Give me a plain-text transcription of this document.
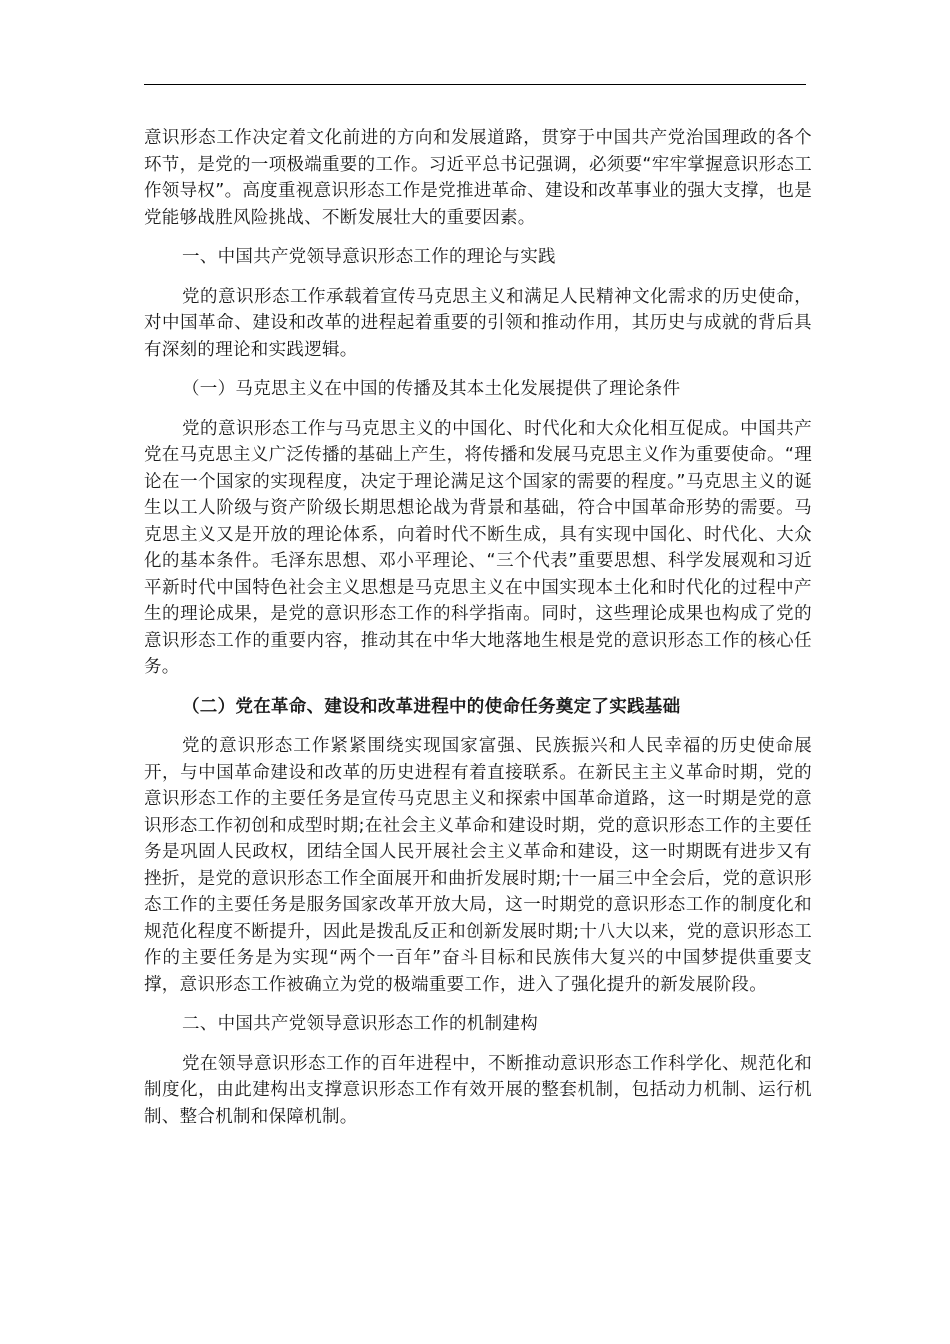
意识形态工作决定着文化前进的方向和发展道路，贯穿于中国共产党治国理政的各个环节，是党的一项极端重要的工作。习近平总书记强调，必须要“牢牢掌握意识形态工作领导权”。高度重视意识形态工作是党推进革命、建设和改革事业的强大支撑，也是党能够战胜风险挑战、不断发展壮大的重要因素。

一、中国共产党领导意识形态工作的理论与实践

党的意识形态工作承载着宣传马克思主义和满足人民精神文化需求的历史使命，对中国革命、建设和改革的进程起着重要的引领和推动作用，其历史与成就的背后具有深刻的理论和实践逻辑。

（一）马克思主义在中国的传播及其本土化发展提供了理论条件

党的意识形态工作与马克思主义的中国化、时代化和大众化相互促成。中国共产党在马克思主义广泛传播的基础上产生，将传播和发展马克思主义作为重要使命。“理论在一个国家的实现程度，决定于理论满足这个国家的需要的程度。”马克思主义的诞生以工人阶级与资产阶级长期思想论战为背景和基础，符合中国革命形势的需要。马克思主义又是开放的理论体系，向着时代不断生成，具有实现中国化、时代化、大众化的基本条件。毛泽东思想、邓小平理论、“三个代表”重要思想、科学发展观和习近平新时代中国特色社会主义思想是马克思主义在中国实现本土化和时代化的过程中产生的理论成果，是党的意识形态工作的科学指南。同时，这些理论成果也构成了党的意识形态工作的重要内容，推动其在中华大地落地生根是党的意识形态工作的核心任务。

（二）党在革命、建设和改革进程中的使命任务奠定了实践基础

党的意识形态工作紧紧围绕实现国家富强、民族振兴和人民幸福的历史使命展开，与中国革命建设和改革的历史进程有着直接联系。在新民主主义革命时期，党的意识形态工作的主要任务是宣传马克思主义和探索中国革命道路，这一时期是党的意识形态工作初创和成型时期;在社会主义革命和建设时期，党的意识形态工作的主要任务是巩固人民政权，团结全国人民开展社会主义革命和建设，这一时期既有进步又有挫折，是党的意识形态工作全面展开和曲折发展时期;十一届三中全会后，党的意识形态工作的主要任务是服务国家改革开放大局，这一时期党的意识形态工作的制度化和规范化程度不断提升，因此是拨乱反正和创新发展时期;十八大以来，党的意识形态工作的主要任务是为实现“两个一百年”奋斗目标和民族伟大复兴的中国梦提供重要支撑，意识形态工作被确立为党的极端重要工作，进入了强化提升的新发展阶段。

二、中国共产党领导意识形态工作的机制建构

党在领导意识形态工作的百年进程中，不断推动意识形态工作科学化、规范化和制度化，由此建构出支撑意识形态工作有效开展的整套机制，包括动力机制、运行机制、整合机制和保障机制。
